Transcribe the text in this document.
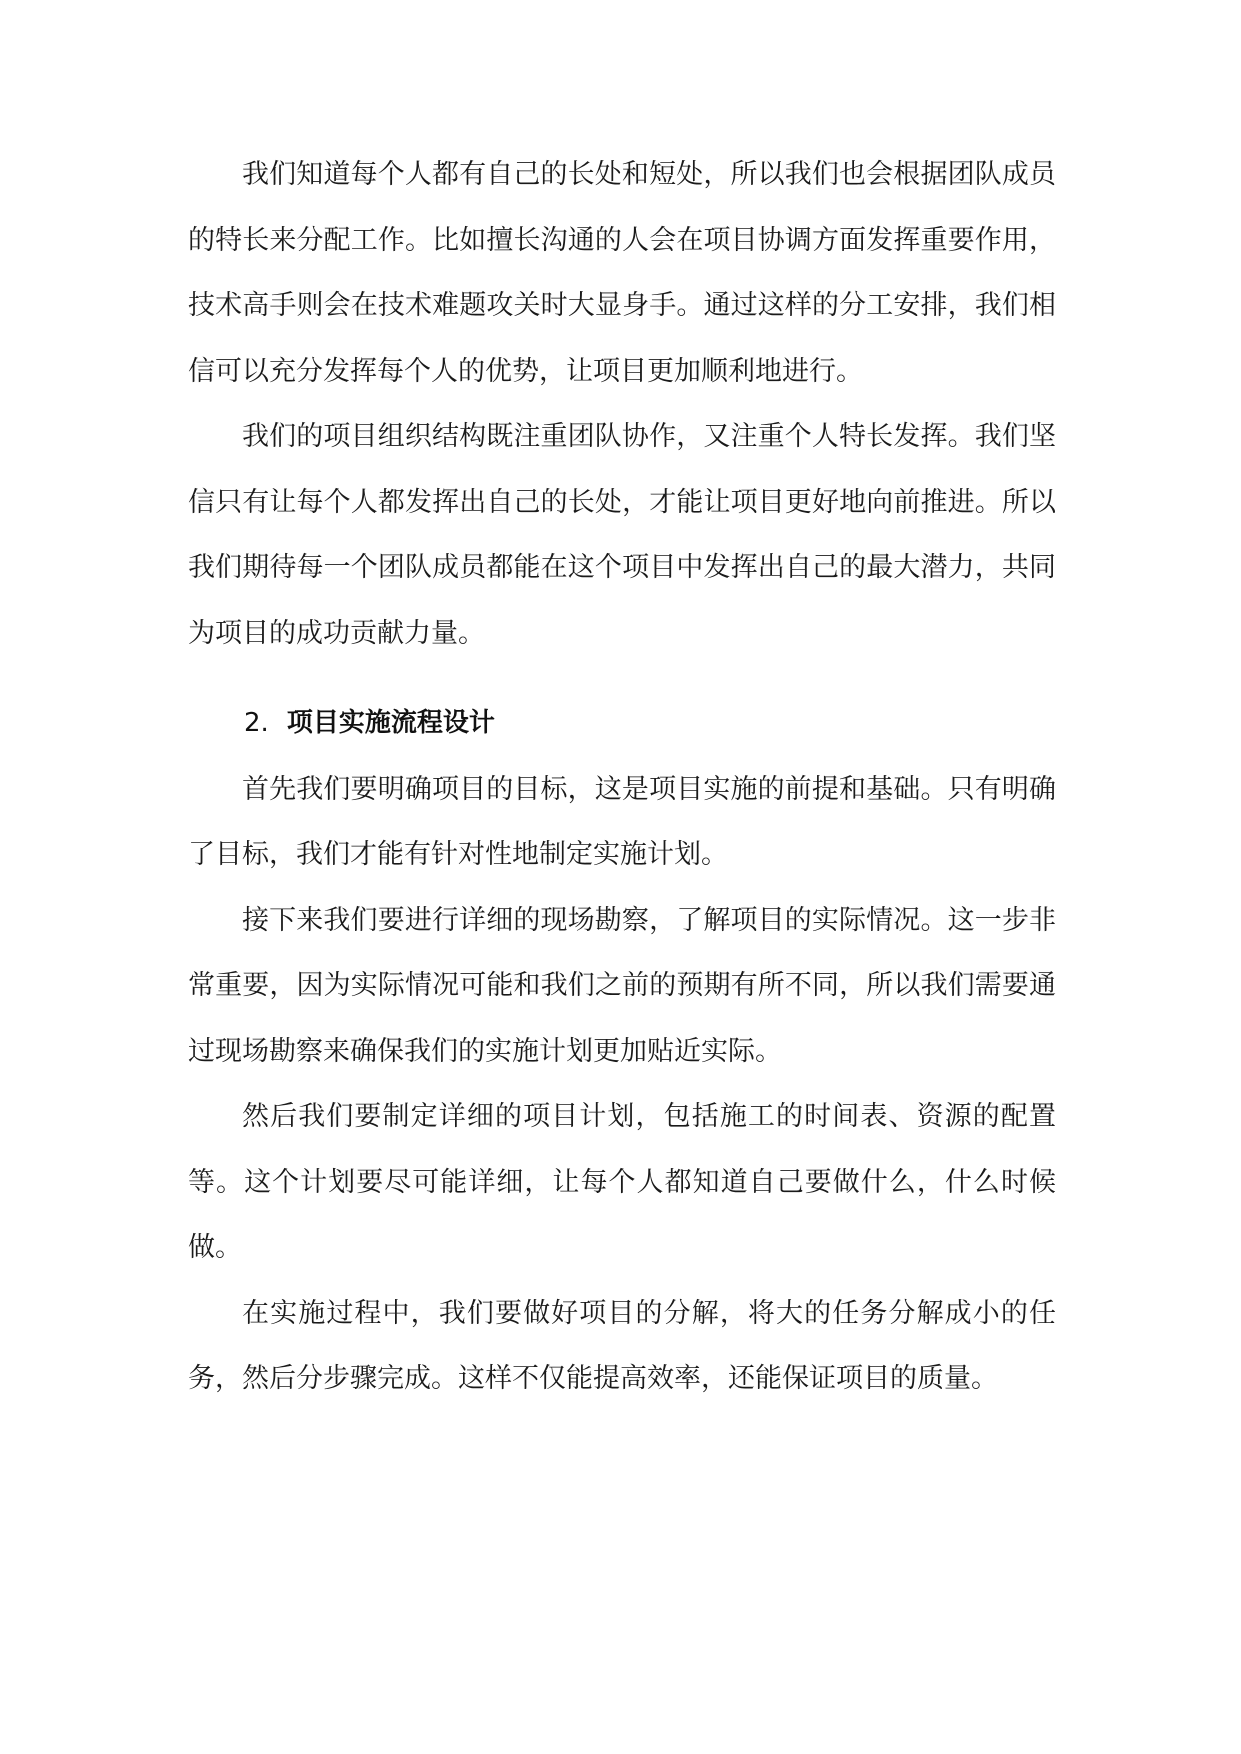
我们知道每个人都有自己的长处和短处，所以我们也会根据团队成员的特长来分配工作。比如擅长沟通的人会在项目协调方面发挥重要作用，技术高手则会在技术难题攻关时大显身手。通过这样的分工安排，我们相信可以充分发挥每个人的优势，让项目更加顺利地进行。

我们的项目组织结构既注重团队协作，又注重个人特长发挥。我们坚信只有让每个人都发挥出自己的长处，才能让项目更好地向前推进。所以我们期待每一个团队成员都能在这个项目中发挥出自己的最大潜力，共同为项目的成功贡献力量。

2. 项目实施流程设计

首先我们要明确项目的目标，这是项目实施的前提和基础。只有明确了目标，我们才能有针对性地制定实施计划。

接下来我们要进行详细的现场勘察，了解项目的实际情况。这一步非常重要，因为实际情况可能和我们之前的预期有所不同，所以我们需要通过现场勘察来确保我们的实施计划更加贴近实际。

然后我们要制定详细的项目计划，包括施工的时间表、资源的配置等。这个计划要尽可能详细，让每个人都知道自己要做什么，什么时候做。

在实施过程中，我们要做好项目的分解，将大的任务分解成小的任务，然后分步骤完成。这样不仅能提高效率，还能保证项目的质量。
